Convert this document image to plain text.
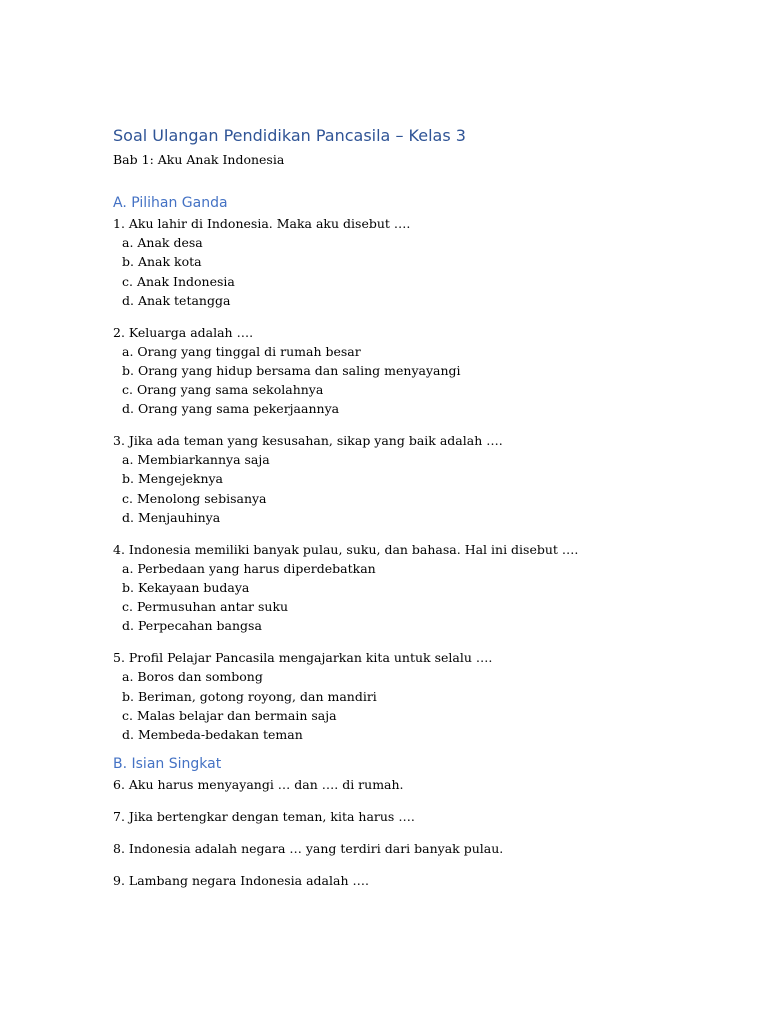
Soal Ulangan Pendidikan Pancasila – Kelas 3

Bab 1: Aku Anak Indonesia

A. Pilihan Ganda
1. Aku lahir di Indonesia. Maka aku disebut ….
a. Anak desa
b. Anak kota
c. Anak Indonesia
d. Anak tetangga
2. Keluarga adalah ….
a. Orang yang tinggal di rumah besar
b. Orang yang hidup bersama dan saling menyayangi
c. Orang yang sama sekolahnya
d. Orang yang sama pekerjaannya
3. Jika ada teman yang kesusahan, sikap yang baik adalah ….
a. Membiarkannya saja
b. Mengejeknya
c. Menolong sebisanya
d. Menjauhinya
4. Indonesia memiliki banyak pulau, suku, dan bahasa. Hal ini disebut ….
a. Perbedaan yang harus diperdebatkan
b. Kekayaan budaya
c. Permusuhan antar suku
d. Perpecahan bangsa
5. Profil Pelajar Pancasila mengajarkan kita untuk selalu ….
a. Boros dan sombong
b. Beriman, gotong royong, dan mandiri
c. Malas belajar dan bermain saja
d. Membeda-bedakan teman
B. Isian Singkat
6. Aku harus menyayangi … dan …. di rumah.
7. Jika bertengkar dengan teman, kita harus ….
8. Indonesia adalah negara … yang terdiri dari banyak pulau.
9. Lambang negara Indonesia adalah ….
